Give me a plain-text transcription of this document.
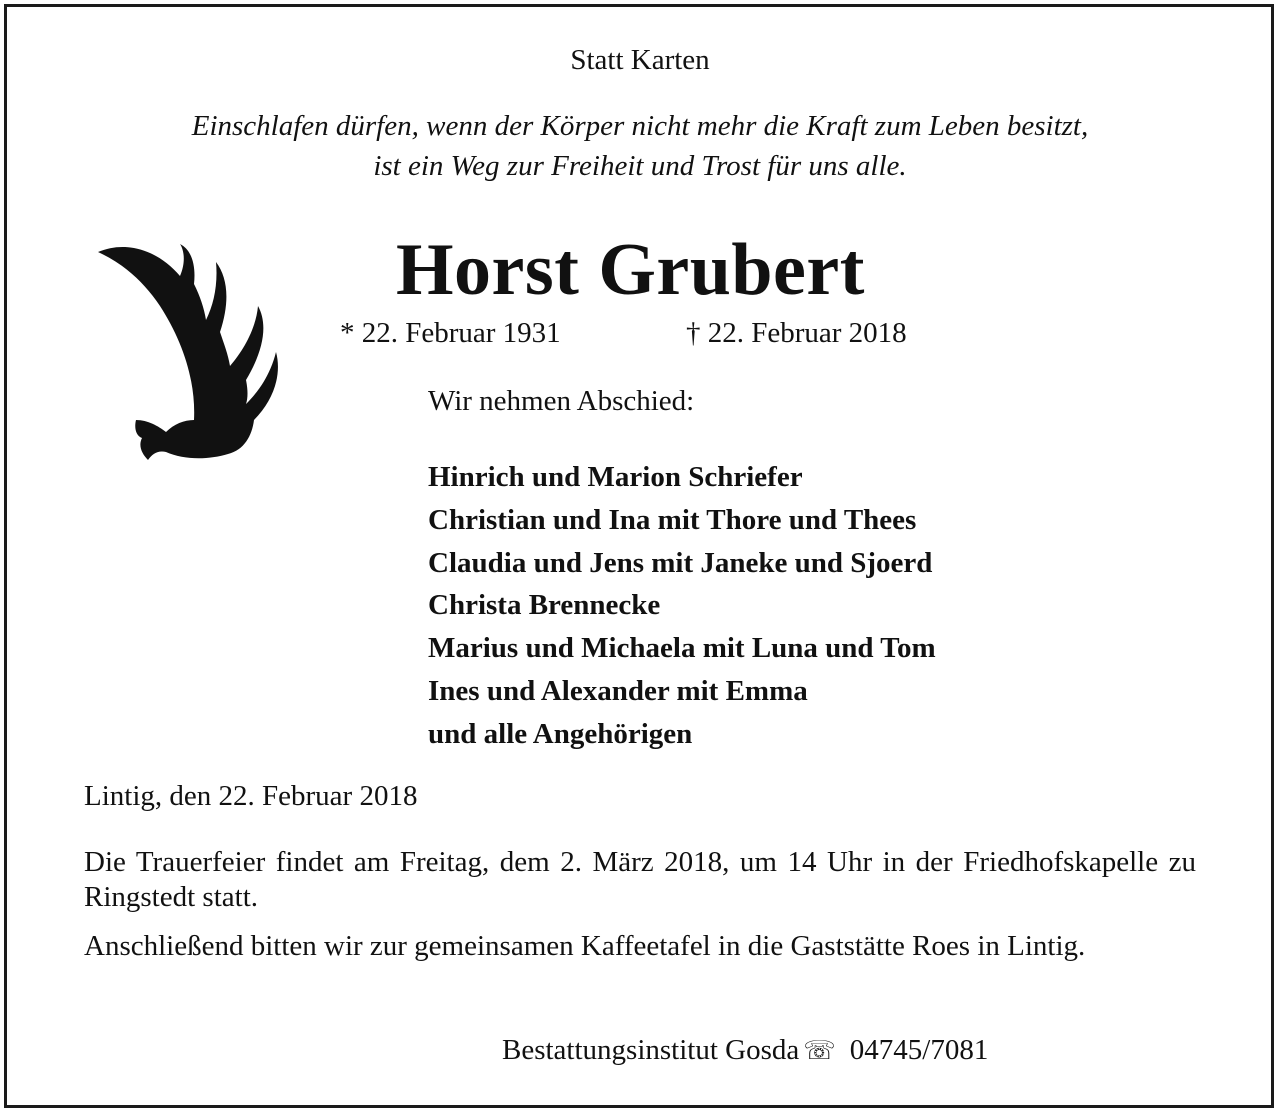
Statt Karten
Einschlafen dürfen, wenn der Körper nicht mehr die Kraft zum Leben besitzt,
ist ein Weg zur Freiheit und Trost für uns alle.
Horst Grubert
* 22. Februar 1931	† 22. Februar 2018
Wir nehmen Abschied:
Hinrich und Marion Schriefer
Christian und Ina mit Thore und Thees
Claudia und Jens mit Janeke und Sjoerd
Christa Brennecke
Marius und Michaela mit Luna und Tom
Ines und Alexander mit Emma
und alle Angehörigen
Lintig, den 22. Februar 2018

Die Trauerfeier findet am Freitag, dem 2. März 2018, um 14 Uhr in der Friedhofskapelle zu Ringstedt statt.

Anschließend bitten wir zur gemeinsamen Kaffeetafel in die Gaststätte Roes in Lintig.

Bestattungsinstitut Gosda ☏ 04745/7081
